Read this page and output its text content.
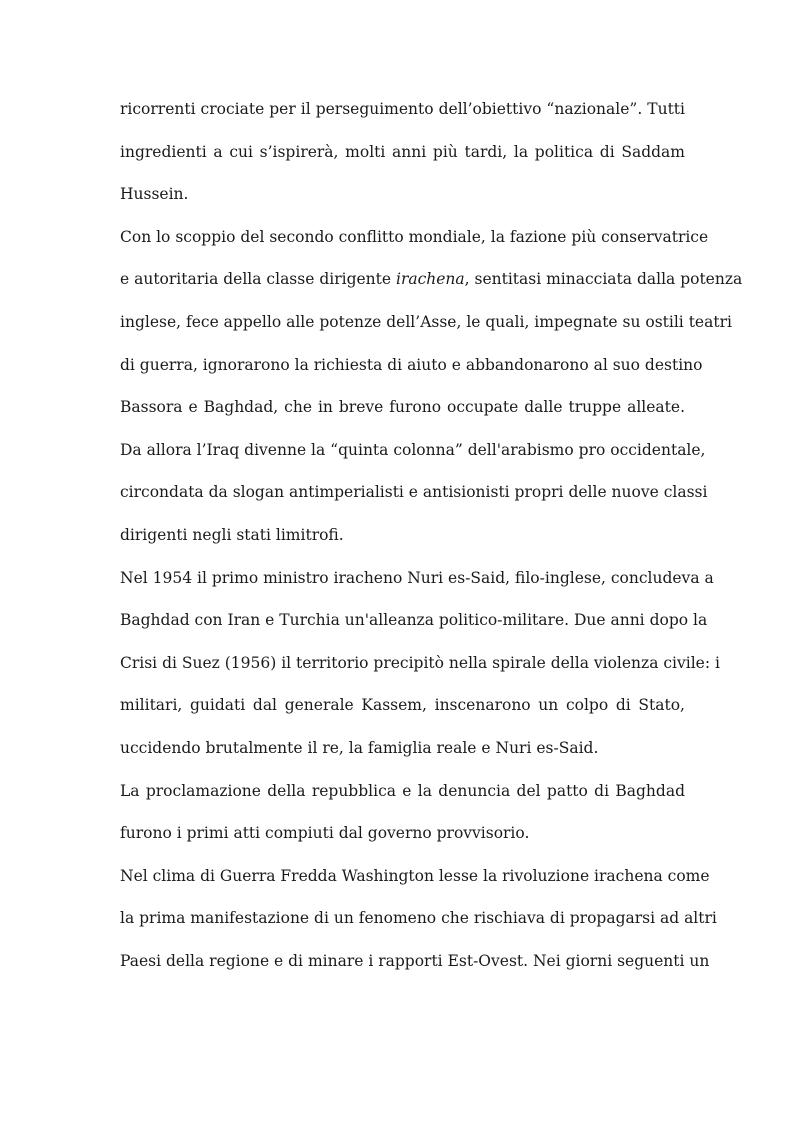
ricorrenti crociate per il perseguimento dell’obiettivo “nazionale”. Tutti
ingredienti a cui s’ispirerà, molti anni più tardi, la politica di Saddam
Hussein.
Con lo scoppio del secondo conflitto mondiale, la fazione più conservatrice
e autoritaria della classe dirigente irachena, sentitasi minacciata dalla potenza
inglese, fece appello alle potenze dell’Asse, le quali, impegnate su ostili teatri
di guerra, ignorarono la richiesta di aiuto e abbandonarono al suo destino
Bassora e Baghdad, che in breve furono occupate dalle truppe alleate.
Da allora l’Iraq divenne la “quinta colonna” dell'arabismo pro occidentale,
circondata da slogan antimperialisti e antisionisti propri delle nuove classi
dirigenti negli stati limitrofi.
Nel 1954 il primo ministro iracheno Nuri es-Said, filo-inglese, concludeva a
Baghdad con Iran e Turchia un'alleanza politico-militare. Due anni dopo la
Crisi di Suez (1956) il territorio precipitò nella spirale della violenza civile: i
militari, guidati dal generale Kassem, inscenarono un colpo di Stato,
uccidendo brutalmente il re, la famiglia reale e Nuri es-Said.
La proclamazione della repubblica e la denuncia del patto di Baghdad
furono i primi atti compiuti dal governo provvisorio.
Nel clima di Guerra Fredda Washington lesse la rivoluzione irachena come
la prima manifestazione di un fenomeno che rischiava di propagarsi ad altri
Paesi della regione e di minare i rapporti Est-Ovest. Nei giorni seguenti un
